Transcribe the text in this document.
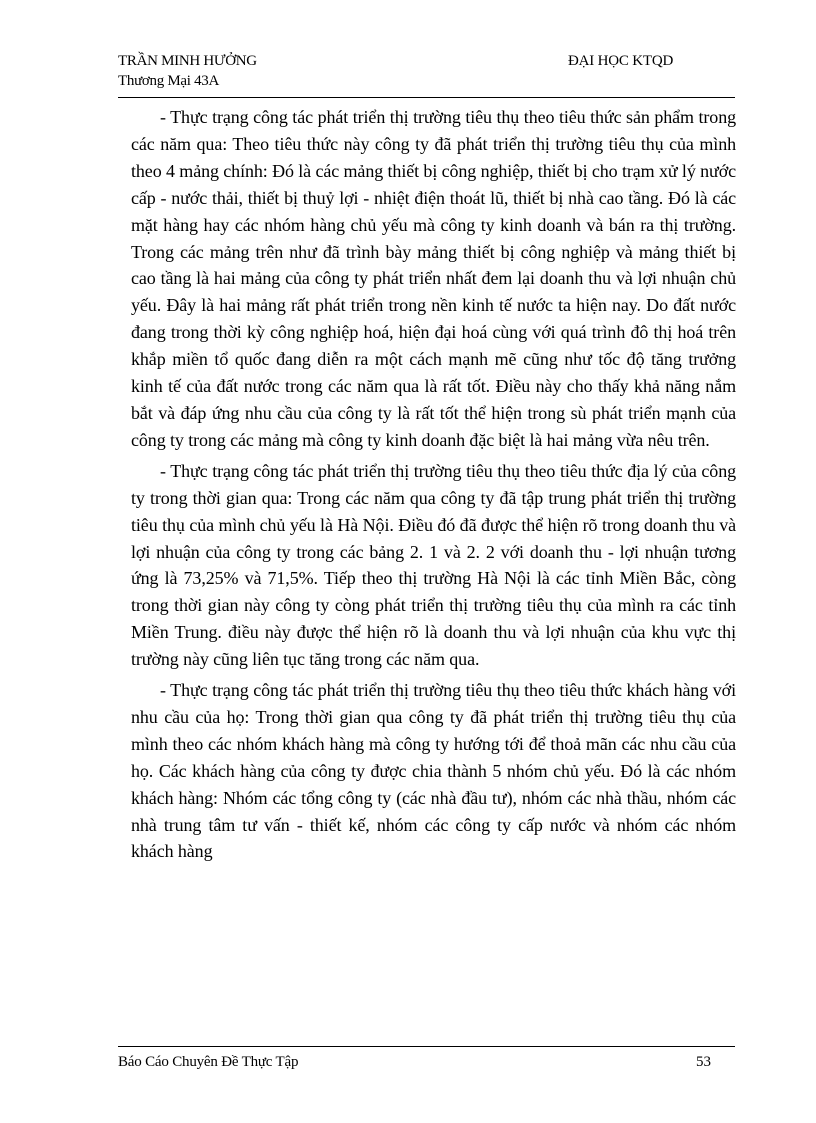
TRẦN MINH HƯỞNG
Thương Mại 43A
ĐẠI HỌC KTQD

- Thực trạng công tác phát triển thị trường tiêu thụ theo tiêu thức sản phẩm trong các năm qua: Theo tiêu thức này công ty đã phát triển thị trường tiêu thụ của mình theo 4 mảng chính: Đó là các mảng thiết bị công nghiệp, thiết bị cho trạm xử lý nước cấp - nước thải, thiết bị thuỷ lợi - nhiệt điện thoát lũ, thiết bị nhà cao tầng. Đó là các mặt hàng hay các nhóm hàng chủ yếu mà công ty kinh doanh và bán ra thị trường. Trong các mảng trên như đã trình bày mảng thiết bị công nghiệp và mảng thiết bị cao tầng là hai mảng của công ty phát triển nhất đem lại doanh thu và lợi nhuận chủ yếu. Đây là hai mảng rất phát triển trong nền kinh tế nước ta hiện nay. Do đất nước đang trong thời kỳ công nghiệp hoá, hiện đại hoá cùng với quá trình đô thị hoá trên khắp miền tổ quốc đang diễn ra một cách mạnh mẽ cũng như tốc độ tăng trưởng kinh tế của đất nước trong các năm qua là rất tốt. Điều này cho thấy khả năng nắm bắt và đáp ứng nhu cầu của công ty là rất tốt thể hiện trong sù phát triển mạnh của công ty trong các mảng mà công ty kinh doanh đặc biệt là hai mảng vừa nêu trên.

- Thực trạng công tác phát triển thị trường tiêu thụ theo tiêu thức địa lý của công ty trong thời gian qua: Trong các năm qua công ty đã tập trung phát triển thị trường tiêu thụ của mình chủ yếu là Hà Nội. Điều đó đã được thể hiện rõ trong doanh thu và lợi nhuận của công ty trong các bảng 2. 1 và 2. 2 với doanh thu - lợi nhuận tương ứng là 73,25% và 71,5%. Tiếp theo thị trường Hà Nội là các tỉnh Miền Bắc, còng trong thời gian này công ty còng phát triển thị trường tiêu thụ của mình ra các tỉnh Miền Trung. điều này được thể hiện rõ là doanh thu và lợi nhuận của khu vực thị trường này cũng liên tục tăng trong các năm qua.

- Thực trạng công tác phát triển thị trường tiêu thụ theo tiêu thức khách hàng với nhu cầu của họ: Trong thời gian qua công ty đã phát triển thị trường tiêu thụ của mình theo các nhóm khách hàng mà công ty hướng tới để thoả mãn các nhu cầu của họ. Các khách hàng của công ty được chia thành 5 nhóm chủ yếu. Đó là các nhóm khách hàng: Nhóm các tổng công ty (các nhà đầu tư), nhóm các nhà thầu, nhóm các nhà trung tâm tư vấn - thiết kế, nhóm các công ty cấp nước và nhóm các nhóm khách hàng

Báo Cáo Chuyên Đề Thực Tập	53
